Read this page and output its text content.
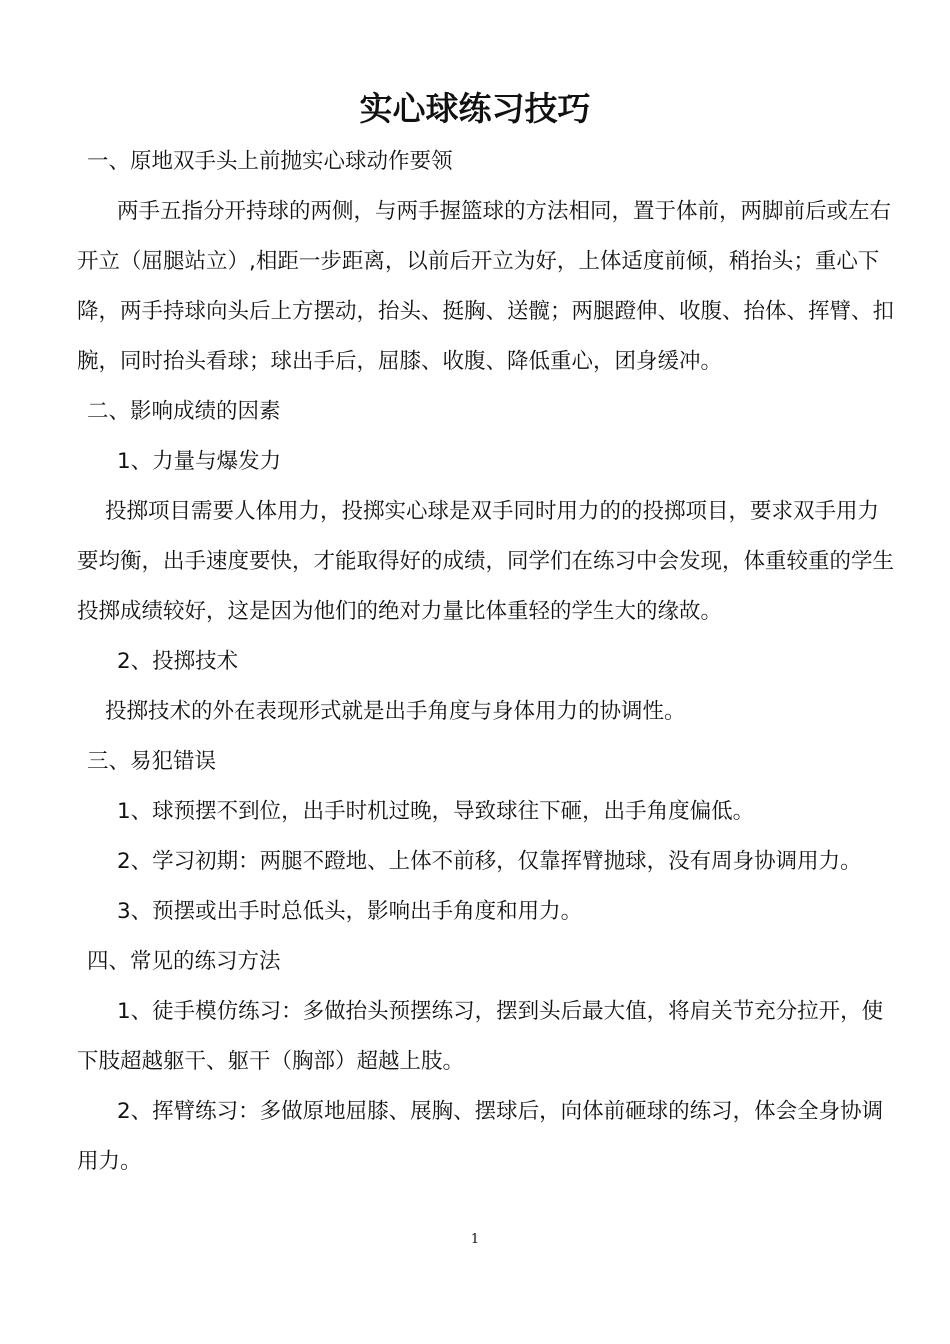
实心球练习技巧

一、原地双手头上前抛实心球动作要领

两手五指分开持球的两侧，与两手握篮球的方法相同，置于体前，两脚前后或左右开立（屈腿站立）,相距一步距离，以前后开立为好，上体适度前倾，稍抬头；重心下降，两手持球向头后上方摆动，抬头、挺胸、送髋；两腿蹬伸、收腹、抬体、挥臂、扣腕，同时抬头看球；球出手后，屈膝、收腹、降低重心，团身缓冲。

二、影响成绩的因素

1、力量与爆发力

投掷项目需要人体用力，投掷实心球是双手同时用力的的投掷项目，要求双手用力要均衡，出手速度要快，才能取得好的成绩，同学们在练习中会发现，体重较重的学生投掷成绩较好，这是因为他们的绝对力量比体重轻的学生大的缘故。

2、投掷技术

投掷技术的外在表现形式就是出手角度与身体用力的协调性。

三、易犯错误

1、球预摆不到位，出手时机过晚，导致球往下砸，出手角度偏低。

2、学习初期：两腿不蹬地、上体不前移，仅靠挥臂抛球，没有周身协调用力。

3、预摆或出手时总低头，影响出手角度和用力。

四、常见的练习方法

1、徒手模仿练习：多做抬头预摆练习，摆到头后最大值，将肩关节充分拉开，使下肢超越躯干、躯干（胸部）超越上肢。

2、挥臂练习：多做原地屈膝、展胸、摆球后，向体前砸球的练习，体会全身协调用力。

1
